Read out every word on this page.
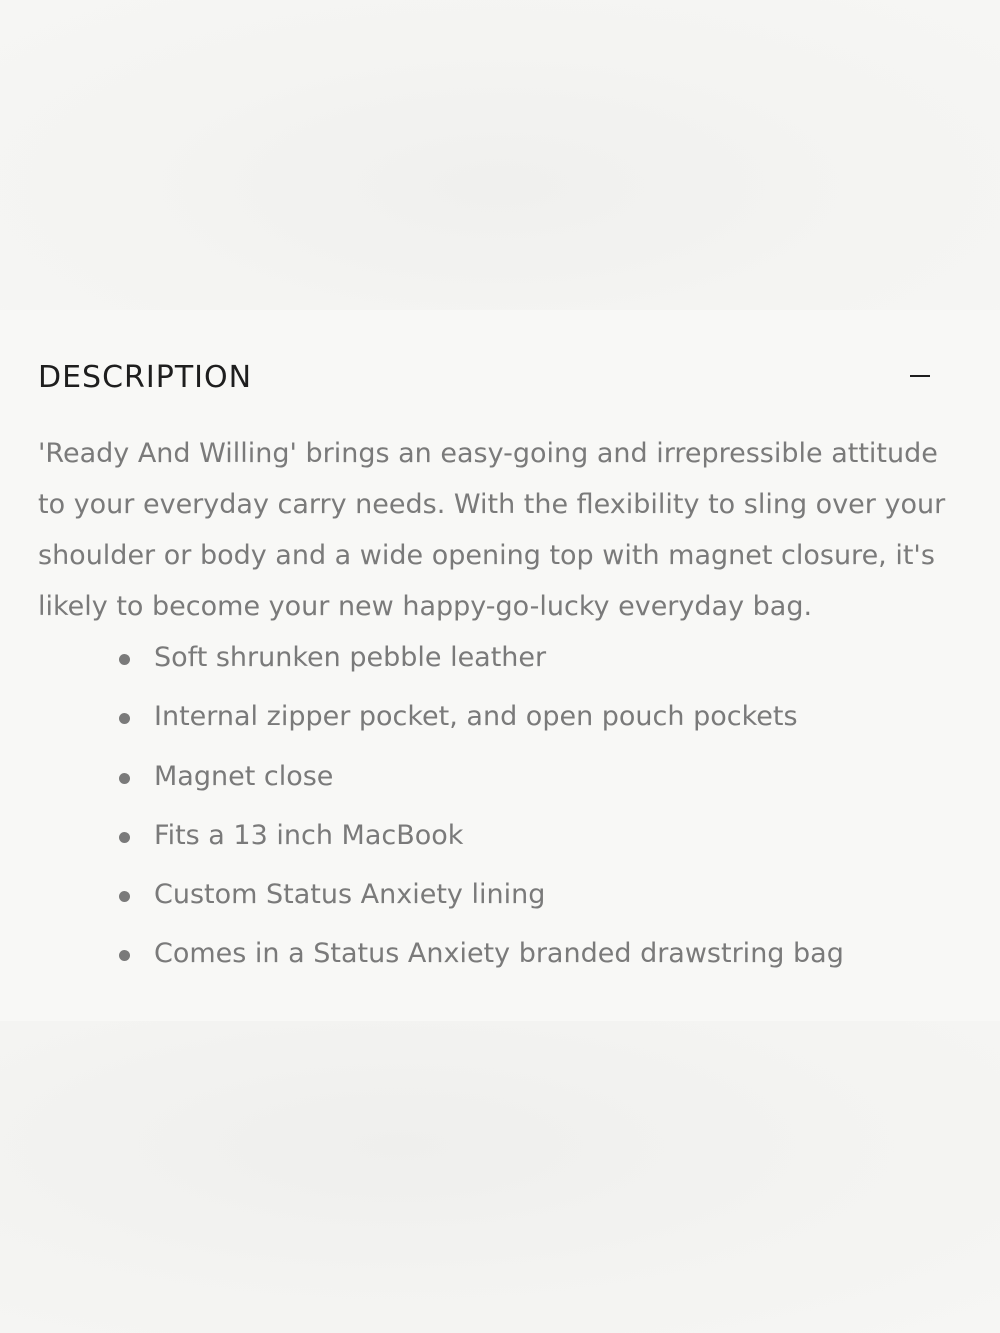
DESCRIPTION

'Ready And Willing' brings an easy-going and irrepressible attitude to your everyday carry needs. With the flexibility to sling over your shoulder or body and a wide opening top with magnet closure, it's likely to become your new happy-go-lucky everyday bag.

Soft shrunken pebble leather
Internal zipper pocket, and open pouch pockets
Magnet close
Fits a 13 inch MacBook
Custom Status Anxiety lining
Comes in a Status Anxiety branded drawstring bag
